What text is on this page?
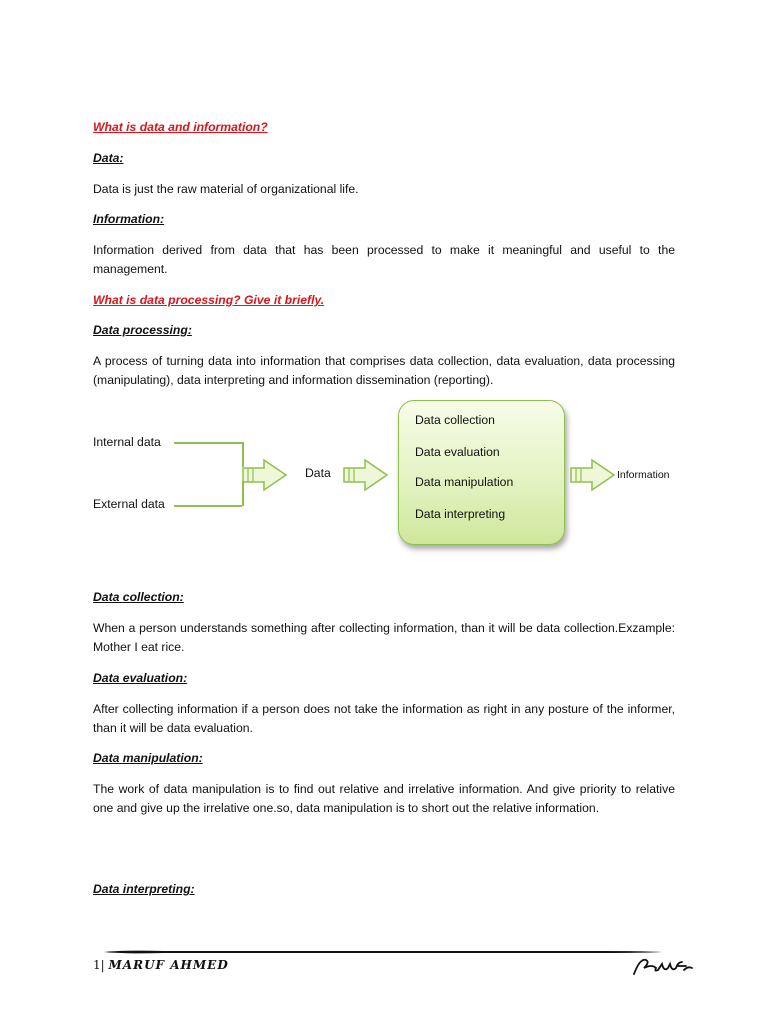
What is data and information?

Data:

Data is just the raw material of organizational life.

Information:

Information derived from data that has been processed to make it meaningful and useful to the management.

What is data processing? Give it briefly.

Data processing:

A process of turning data into information that comprises data collection, data evaluation, data processing (manipulating), data interpreting and information dissemination (reporting).

Internal data
External data
Data
Data collection
Data evaluation
Data manipulation
Data interpreting
Information

Data collection:

When a person understands something after collecting information, than it will be data collection.Exzample: Mother I eat rice.

Data evaluation:

After collecting information if a person does not take the information as right in any posture of the informer, than it will be data evaluation.

Data manipulation:

The work of data manipulation is to find out relative and irrelative information. And give priority to relative one and give up the irrelative one.so, data manipulation is to short out the relative information.

Data interpreting:

1| MARUF AHMED
